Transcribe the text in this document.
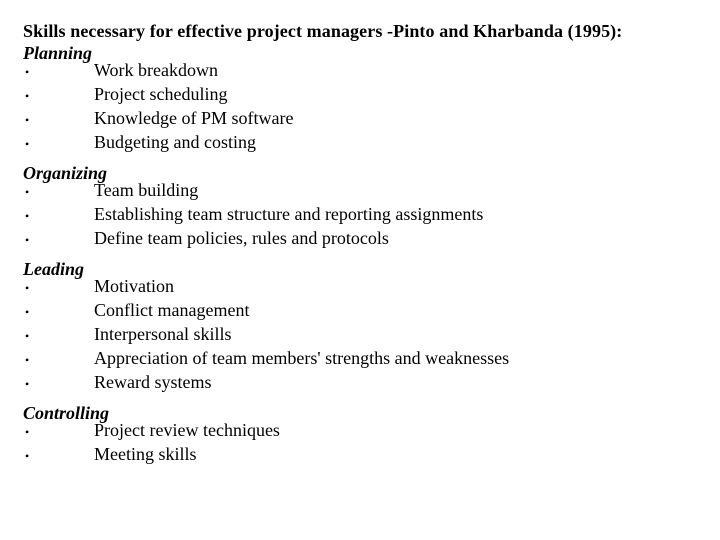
Skills necessary for effective project managers -Pinto and Kharbanda (1995):
Planning
•	Work breakdown
•	Project scheduling
•	Knowledge of PM software
•	Budgeting and costing
Organizing
•	Team building
•	Establishing team structure and reporting assignments
•	Define team policies, rules and protocols
Leading
•	Motivation
•	Conflict management
•	Interpersonal skills
•	Appreciation of team members' strengths and weaknesses
•	Reward systems
Controlling
•	Project review techniques
•	Meeting skills
